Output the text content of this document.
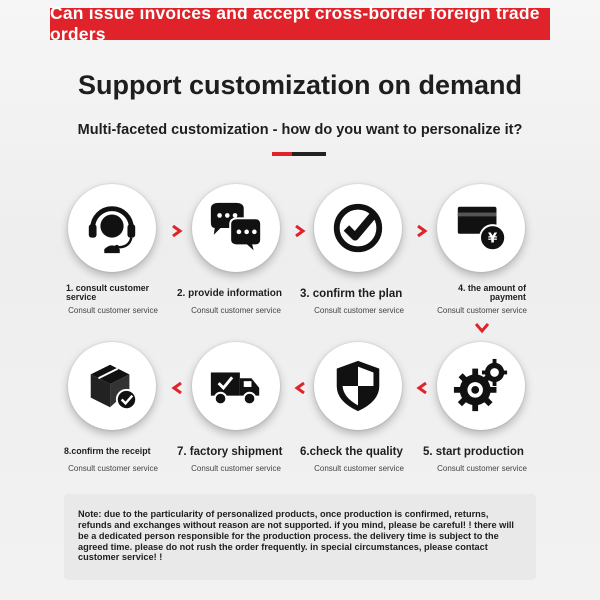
Can issue invoices and accept cross-border foreign trade orders
Support customization on demand
Multi-faceted customization - how do you want to personalize it?
1. consult customer service
Consult customer service
2. provide information
Consult customer service
3. confirm the plan
Consult customer service
¥
4. the amount of payment
Consult customer service
8.confirm the receipt
Consult customer service
7. factory shipment
Consult customer service
6.check the quality
Consult customer service
5. start production
Consult customer service
Note: due to the particularity of personalized products, once production is confirmed, returns, refunds and exchanges without reason are not supported. if you mind, please be careful! ! there will be a dedicated person responsible for the production process. the delivery time is subject to the agreed time. please do not rush the order frequently. in special circumstances, please contact customer service! !
